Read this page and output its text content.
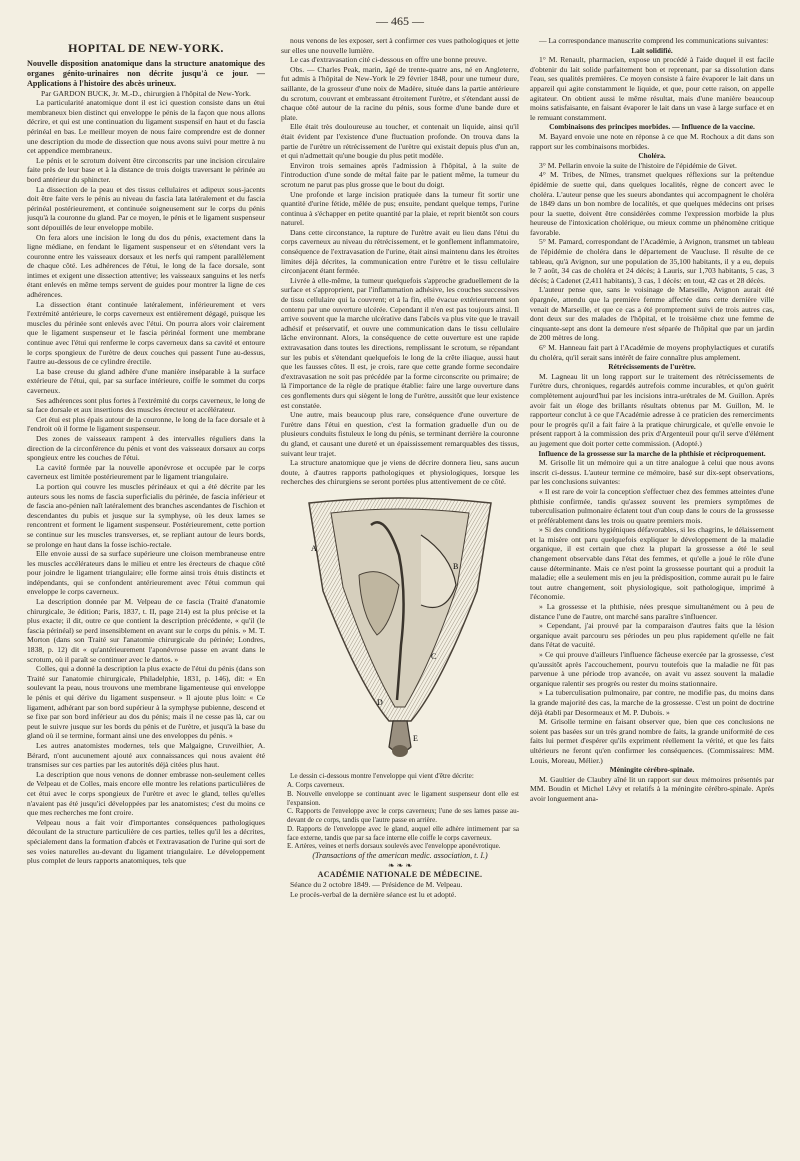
— 465 —
HOPITAL DE NEW-YORK.

Nouvelle disposition anatomique dans la structure anatomique des organes génito-urinaires non décrite jusqu'à ce jour. — Applications à l'histoire des abcès urineux.

Par GARDON BUCK, Jr. M.-D., chirurgien à l'hôpital de New-York.

La particularité anatomique dont il est ici question consiste dans un étui membraneux bien distinct qui enveloppe le pénis de la façon que nous allons décrire, et qui est une continuation du ligament suspensif en haut et du fascia périnéal en bas. Le meilleur moyen de nous faire comprendre est de donner une description du mode de dissection que nous avons suivi pour mettre à nu cet appendice membraneux.

Le pénis et le scrotum doivent être circonscrits par une incision circulaire faite près de leur base et à la distance de trois doigts traversant le périnée au bord antérieur du sphincter.

La dissection de la peau et des tissus cellulaires et adipeux sous-jacents doit être faite vers le pénis au niveau du fascia lata latéralement et du fascia périnéal postérieurement, et continuée soigneusement sur le corps du pénis jusqu'à la couronne du gland. Par ce moyen, le pénis et le ligament suspenseur sont dépouillés de leur enveloppe mobile.

On fera alors une incision le long du dos du pénis, exactement dans la ligne médiane, en fendant le ligament suspenseur et en s'étendant vers la couronne entre les vaisseaux dorsaux et les nerfs qui rampent parallèlement de chaque côté. Les adhérences de l'étui, le long de la face dorsale, sont intimes et exigent une dissection attentive; les vaisseaux sanguins et les nerfs étant enlevés en même temps servent de guides pour montrer la ligne de ces adhérences.

La dissection étant continuée latéralement, inférieurement et vers l'extrémité antérieure, le corps caverneux est entièrement dégagé, puisque les muscles du périnée sont enlevés avec l'étui. On pourra alors voir clairement que le ligament suspenseur et le fascia périnéal forment une membrane continue avec l'étui qui renferme le corps caverneux dans sa cavité et entoure le corps spongieux de l'urètre de deux couches qui passent l'une au-dessus, l'autre au-dessous de ce cylindre érectile.

La base creuse du gland adhère d'une manière inséparable à la surface extérieure de l'étui, qui, par sa surface intérieure, coiffe le sommet du corps caverneux.

Ses adhérences sont plus fortes à l'extrémité du corps caverneux, le long de sa face dorsale et aux insertions des muscles érecteur et accélérateur.

Cet étui est plus épais autour de la couronne, le long de la face dorsale et à l'endroit où il forme le ligament suspenseur.

Des zones de vaisseaux rampent à des intervalles réguliers dans la direction de la circonférence du pénis et vont des vaisseaux dorsaux au corps spongieux entre les couches de l'étui.

La cavité formée par la nouvelle aponévrose et occupée par le corps caverneux est limitée postérieurement par le ligament triangulaire.

La portion qui couvre les muscles périnéaux et qui a été décrite par les auteurs sous les noms de fascia superficialis du périnée, de fascia inférieur et de fascia ano-pénien naît latéralement des branches ascendantes de l'ischion et descendantes du pubis et jusque sur la symphyse, où les deux lames se rencontrent et forment le ligament suspenseur. Postérieurement, cette portion se continue sur les muscles transverses, et, se repliant autour de leurs bords, se prolonge en haut dans la fosse ischio-rectale.

Elle envoie aussi de sa surface supérieure une cloison membraneuse entre les muscles accélérateurs dans le milieu et entre les érecteurs de chaque côté pour joindre le ligament triangulaire; elle forme ainsi trois étuis distincts et indépendants, qui se confondent antérieurement avec l'étui commun qui enveloppe le corps caverneux.

La description donnée par M. Velpeau de ce fascia (Traité d'anatomie chirurgicale, 3e édition; Paris, 1837, t. II, page 214) est la plus précise et la plus exacte; il dit, outre ce que contient la description précédente, « qu'il (le fascia périnéal) se perd insensiblement en avant sur le corps du pénis. » M. T. Morton (dans son Traité sur l'anatomie chirurgicale du périnée; Londres, 1838, p. 12) dit « qu'antérieurement l'aponévrose passe en avant dans le scrotum, où il paraît se continuer avec le dartos. »

Colles, qui a donné la description la plus exacte de l'étui du pénis (dans son Traité sur l'anatomie chirurgicale, Philadelphie, 1831, p. 146), dit: « En soulevant la peau, nous trouvons une membrane ligamenteuse qui enveloppe le pénis et qui dérive du ligament suspenseur. » Il ajoute plus loin: « Ce ligament, adhérant par son bord supérieur à la symphyse pubienne, descend et se fixe par son bord inférieur au dos du pénis; mais il ne cesse pas là, car ou peut le suivre jusque sur les bords du pénis et de l'urètre, et jusqu'à la base du gland où il se termine, formant ainsi une des enveloppes du pénis. »

Les autres anatomistes modernes, tels que Malgaigne, Cruveilhier, A. Bérard, n'ont aucunement ajouté aux connaissances qui nous avaient été transmises sur ces parties par les autorités déjà citées plus haut.

La description que nous venons de donner embrasse non-seulement celles de Velpeau et de Colles, mais encore elle montre les relations particulières de cet étui avec le corps spongieux de l'urètre et avec le gland, telles qu'elles n'avaient pas été jusqu'ici développées par les anatomistes; c'est du moins ce que mes recherches me font croire.

Velpeau nous a fait voir d'importantes conséquences pathologiques découlant de la structure particulière de ces parties, telles qu'il les a décrites, spécialement dans la formation d'abcès et l'extravasation de l'urine qui sort de ses voies naturelles au-devant du ligament triangulaire. Le développement plus complet de leurs rapports anatomiques, tels que

nous venons de les exposer, sert à confirmer ces vues pathologiques et jette sur elles une nouvelle lumière.

Le cas d'extravasation cité ci-dessous en offre une bonne preuve.

Obs. — Charles Peak, marin, âgé de trente-quatre ans, né en Angleterre, fut admis à l'hôpital de New-York le 29 février 1848, pour une tumeur dure, saillante, de la grosseur d'une noix de Madère, située dans la partie antérieure du scrotum, couvrant et embrassant étroitement l'urètre, et s'étendant aussi de chaque côté autour de la racine du pénis, sous forme d'une bande dure et plate.

Elle était très douloureuse au toucher, et contenait un liquide, ainsi qu'il était évident par l'existence d'une fluctuation profonde. On trouva dans la partie de l'urètre un rétrécissement de l'urètre qui existait depuis plus d'un an, et qui n'admettait qu'une bougie du plus petit modèle.

Environ trois semaines après l'admission à l'hôpital, à la suite de l'introduction d'une sonde de métal faite par le patient même, la tumeur du scrotum ne parut pas plus grosse que le bout du doigt.

Une profonde et large incision pratiquée dans la tumeur fit sortir une quantité d'urine fétide, mêlée de pus; ensuite, pendant quelque temps, l'urine continua à s'échapper en petite quantité par la plaie, et reprit bientôt son cours naturel.

Dans cette circonstance, la rupture de l'urètre avait eu lieu dans l'étui du corps caverneux au niveau du rétrécissement, et le gonflement inflammatoire, conséquence de l'extravasation de l'urine, était ainsi maintenu dans les étroites limites déjà décrites, la communication entre l'urètre et le tissu cellulaire circonjacent étant fermée.

Livrée à elle-même, la tumeur quelquefois s'approche graduellement de la surface et s'approprient, par l'inflammation adhésive, les couches successives de tissu cellulaire qui la couvrent; et à la fin, elle évacue extérieurement son contenu par une ouverture ulcérée. Cependant il n'en est pas toujours ainsi. Il arrive souvent que la marche ulcérative dans l'abcès va plus vite que le travail adhésif et préservatif, et ouvre une communication dans le tissu cellulaire lâche environnant. Alors, la conséquence de cette ouverture est une rapide extravasation dans toutes les directions, remplissant le scrotum, se répandant sur les pubis et s'étendant quelquefois le long de la crête iliaque, aussi haut que les fausses côtes. Il est, je crois, rare que cette grande forme secondaire d'extravasation ne soit pas précédée par la forme circonscrite ou primaire; de là l'importance de la règle de pratique établie: faire une large ouverture dans ces gonflements durs qui siègent le long de l'urètre, aussitôt que leur existence est constatée.

Une autre, mais beaucoup plus rare, conséquence d'une ouverture de l'urètre dans l'étui en question, c'est la formation graduelle d'un ou de plusieurs conduits fistuleux le long du pénis, se terminant derrière la couronne du gland, et causant une dureté et un épaississement remarquables des tissus, suivant leur trajet.

La structure anatomique que je viens de décrire donnera lieu, sans aucun doute, à d'autres rapports pathologiques et physiologiques, lorsque les recherches des chirurgiens se seront portées plus attentivement de ce côté.

A
B
C
D
E

Le dessin ci-dessous montre l'enveloppe qui vient d'être décrite:

A. Corps caverneux.

B. Nouvelle enveloppe se continuant avec le ligament suspenseur dont elle est l'expansion.

C. Rapports de l'enveloppe avec le corps caverneux; l'une de ses lames passe au-devant de ce corps, tandis que l'autre passe en arrière.

D. Rapports de l'enveloppe avec le gland, auquel elle adhère intimement par sa face externe, tandis que par sa face interne elle coiffe le corps caverneux.

E. Artères, veines et nerfs dorsaux soulevés avec l'enveloppe aponévrotique.

(Transactions of the american medic. association, t. I.)

❧ ❧ ❧

ACADÉMIE NATIONALE DE MÉDECINE.

Séance du 2 octobre 1849. — Présidence de M. Velpeau.

Le procès-verbal de la dernière séance est lu et adopté.

— La correspondance manuscrite comprend les communications suivantes:

Lait solidifié.

1° M. Renault, pharmacien, expose un procédé à l'aide duquel il est facile d'obtenir du lait solide parfaitement bon et reprenant, par sa dissolution dans l'eau, ses qualités premières. Ce moyen consiste à faire évaporer le lait dans un appareil qui agite constamment le liquide, et que, pour cette raison, on appelle agitateur. On obtient aussi le même résultat, mais d'une manière beaucoup moins satisfaisante, en faisant évaporer le lait dans un vase à large surface et en le remuant constamment.

Combinaisons des principes morbides. — Influence de la vaccine.

M. Bayard envoie une note en réponse à ce que M. Rochoux a dit dans son rapport sur les combinaisons morbides.

Choléra.

3° M. Pellarin envoie la suite de l'histoire de l'épidémie de Givet.

4° M. Tribes, de Nîmes, transmet quelques réflexions sur la prétendue épidémie de suette qui, dans quelques localités, règne de concert avec le choléra. L'auteur pense que les sueurs abondantes qui accompagnent le choléra de 1849 dans un bon nombre de localités, et que quelques médecins ont prises pour la suette, doivent être considérées comme l'expression morbide la plus heureuse de l'intoxication cholérique, ou mieux comme un phénomène critique favorable.

5° M. Pamard, correspondant de l'Académie, à Avignon, transmet un tableau de l'épidémie de choléra dans le département de Vaucluse. Il résulte de ce tableau, qu'à Avignon, sur une population de 35,100 habitants, il y a eu, depuis le 7 août, 34 cas de choléra et 24 décès; à Lauris, sur 1,703 habitants, 5 cas, 3 décès; à Cadenet (2,411 habitants), 3 cas, 1 décès: en tout, 42 cas et 28 décès.

L'auteur pense que, sans le voisinage de Marseille, Avignon aurait été épargnée, attendu que la première femme affectée dans cette dernière ville venait de Marseille, et que ce cas a été promptement suivi de trois autres cas, dont deux sur des malades de l'hôpital, et le troisième chez une femme de cinquante-sept ans dont la demeure n'est séparée de l'hôpital que par un jardin de 200 mètres de long.

6° M. Hanneau fait part à l'Académie de moyens prophylactiques et curatifs du choléra, qu'il serait sans intérêt de faire connaître plus amplement.

Rétrécissements de l'urètre.

M. Lagneau lit un long rapport sur le traitement des rétrécissements de l'urètre durs, chroniques, regardés autrefois comme incurables, et qu'on guérit complètement aujourd'hui par les incisions intra-urétrales de M. Guillon. Après avoir fait un éloge des brillants résultats obtenus par M. Guillon, M. le rapporteur conclut à ce que l'Académie adresse à ce praticien des remerciments pour le progrès qu'il a fait faire à la pratique chirurgicale, et qu'elle envoie le présent rapport à la commission des prix d'Argenteuil pour qu'il serve d'élément au jugement que doit porter cette commission. (Adopté.)

Influence de la grossesse sur la marche de la phthisie et réciproquement.

M. Grisolle lit un mémoire qui a un titre analogue à celui que nous avons inscrit ci-dessus. L'auteur termine ce mémoire, basé sur dix-sept observations, par les conclusions suivantes:

« Il est rare de voir la conception s'effectuer chez des femmes atteintes d'une phthisie confirmée, tandis qu'assez souvent les premiers symptômes de tuberculisation pulmonaire éclatent tout d'un coup dans le cours de la grossesse et préférablement dans les trois ou quatre premiers mois.

» Si des conditions hygiéniques défavorables, si les chagrins, le délaissement et la misère ont paru quelquefois expliquer le développement de la maladie organique, il est certain que chez la plupart la grossesse a été le seul changement observable dans l'état des femmes, et qu'elle a joué le rôle d'une cause déterminante. Mais ce n'est point la grossesse pourtant qui a produit la maladie; elle a seulement mis en jeu la prédisposition, comme aurait pu le faire tout autre changement, soit physiologique, soit pathologique, imprimé à l'économie.

» La grossesse et la phthisie, nées presque simultanément ou à peu de distance l'une de l'autre, ont marché sans paraître s'influencer.

» Cependant, j'ai prouvé par la comparaison d'autres faits que la lésion organique avait parcouru ses périodes un peu plus rapidement qu'elle ne fait dans l'état de vacuité.

» Ce qui prouve d'ailleurs l'influence fâcheuse exercée par la grossesse, c'est qu'aussitôt après l'accouchement, pourvu toutefois que la maladie ne fût pas parvenue à une période trop avancée, on avait vu assez souvent la maladie organique ralentir ses progrès ou rester du moins stationnaire.

» La tuberculisation pulmonaire, par contre, ne modifie pas, du moins dans la grande majorité des cas, la marche de la grossesse. C'est un point de doctrine déjà établi par Desormeaux et M. P. Dubois. »

M. Grisolle termine en faisant observer que, bien que ces conclusions ne soient pas basées sur un très grand nombre de faits, la grande uniformité de ces faits lui permet d'espérer qu'ils expriment réellement la vérité, et que les faits ultérieurs ne feront qu'en confirmer les conséquences. (Commissaires: MM. Louis, Moreau, Mélier.)

Méningite cérébro-spinale.

M. Gaultier de Claubry aîné lit un rapport sur deux mémoires présentés par MM. Boudin et Michel Lévy et relatifs à la méningite cérébro-spinale. Après avoir longuement ana-
